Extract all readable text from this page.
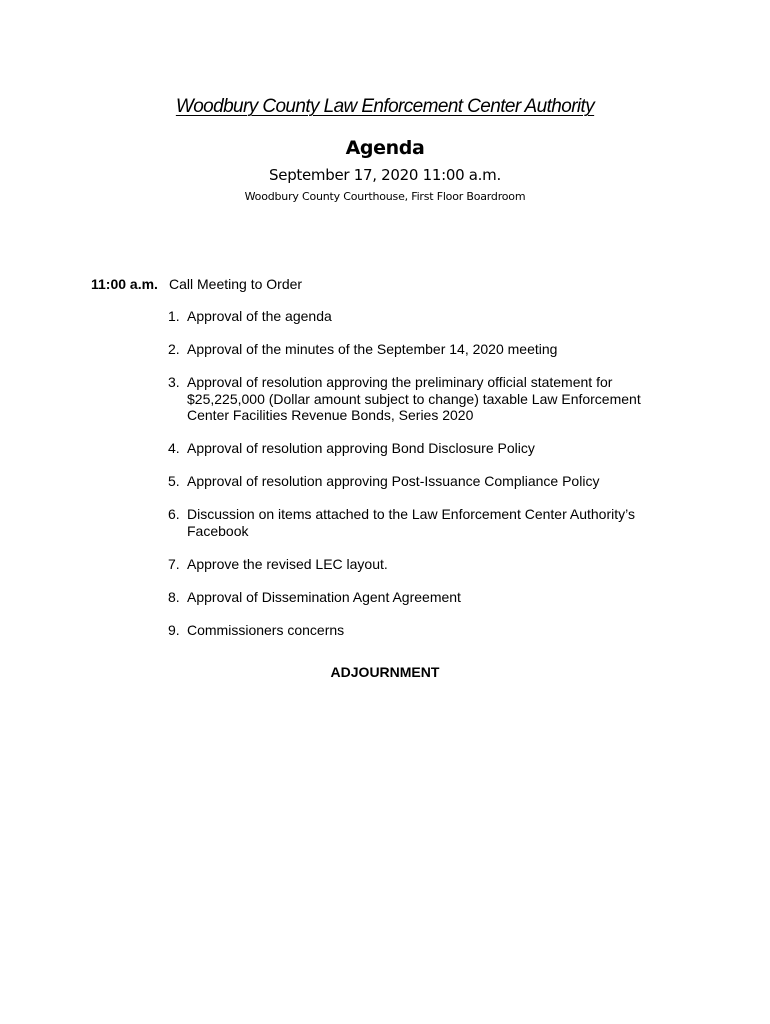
Woodbury County Law Enforcement Center Authority
Agenda
September 17, 2020 11:00 a.m.
Woodbury County Courthouse, First Floor Boardroom
11:00 a.m. Call Meeting to Order
1. Approval of the agenda
2. Approval of the minutes of the September 14, 2020 meeting
3. Approval of resolution approving the preliminary official statement for $25,225,000 (Dollar amount subject to change) taxable Law Enforcement Center Facilities Revenue Bonds, Series 2020
4. Approval of resolution approving Bond Disclosure Policy
5. Approval of resolution approving Post-Issuance Compliance Policy
6. Discussion on items attached to the Law Enforcement Center Authority’s Facebook
7. Approve the revised LEC layout.
8. Approval of Dissemination Agent Agreement
9. Commissioners concerns
ADJOURNMENT
